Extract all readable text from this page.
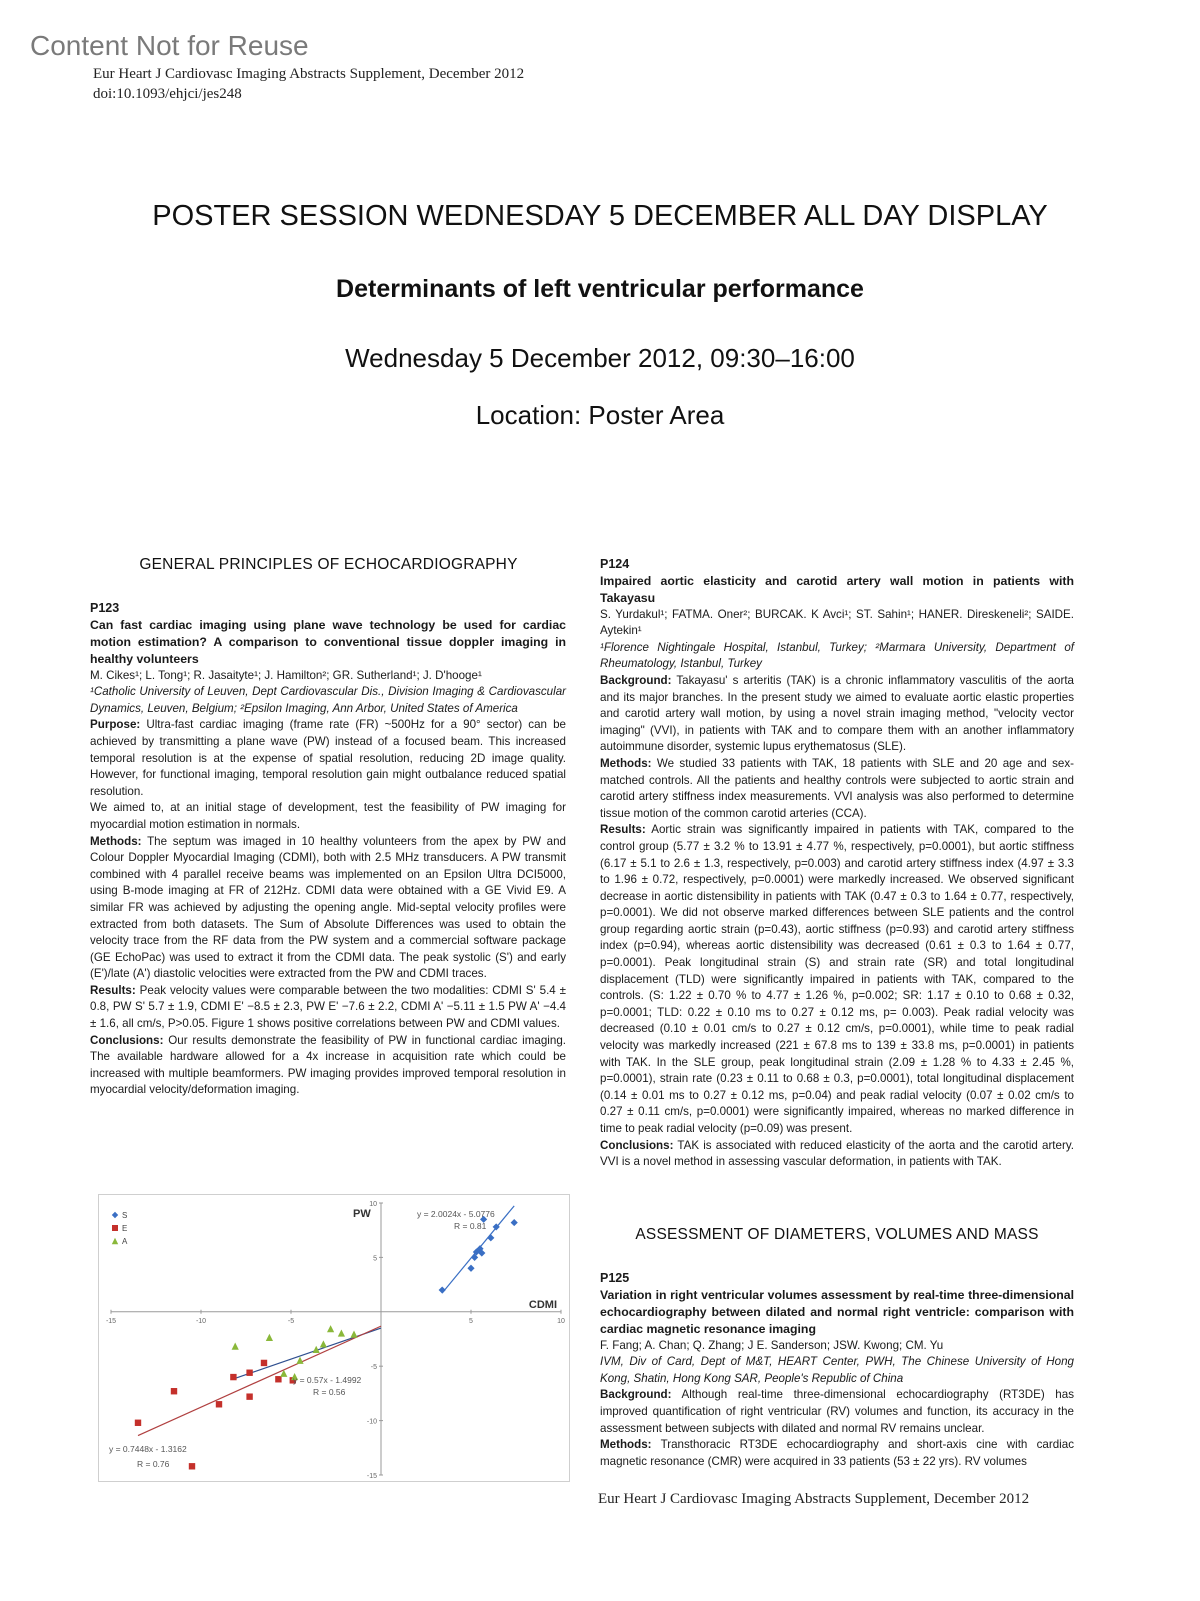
Content Not for Reuse
Eur Heart J Cardiovasc Imaging Abstracts Supplement, December 2012
doi:10.1093/ehjci/jes248
POSTER SESSION WEDNESDAY 5 DECEMBER ALL DAY DISPLAY
Determinants of left ventricular performance
Wednesday 5 December 2012, 09:30–16:00
Location: Poster Area
GENERAL PRINCIPLES OF ECHOCARDIOGRAPHY

P123

Can fast cardiac imaging using plane wave technology be used for cardiac motion estimation? A comparison to conventional tissue doppler imaging in healthy volunteers

M. Cikes¹; L. Tong¹; R. Jasaityte¹; J. Hamilton²; GR. Sutherland¹; J. D'hooge¹

¹Catholic University of Leuven, Dept Cardiovascular Dis., Division Imaging & Cardiovascular Dynamics, Leuven, Belgium; ²Epsilon Imaging, Ann Arbor, United States of America

Purpose: Ultra-fast cardiac imaging (frame rate (FR) ~500Hz for a 90° sector) can be achieved by transmitting a plane wave (PW) instead of a focused beam. This increased temporal resolution is at the expense of spatial resolution, reducing 2D image quality. However, for functional imaging, temporal resolution gain might outbalance reduced spatial resolution.

We aimed to, at an initial stage of development, test the feasibility of PW imaging for myocardial motion estimation in normals.

Methods: The septum was imaged in 10 healthy volunteers from the apex by PW and Colour Doppler Myocardial Imaging (CDMI), both with 2.5 MHz transducers. A PW transmit combined with 4 parallel receive beams was implemented on an Epsilon Ultra DCI5000, using B-mode imaging at FR of 212Hz. CDMI data were obtained with a GE Vivid E9. A similar FR was achieved by adjusting the opening angle. Mid-septal velocity profiles were extracted from both datasets. The Sum of Absolute Differences was used to obtain the velocity trace from the RF data from the PW system and a commercial software package (GE EchoPac) was used to extract it from the CDMI data. The peak systolic (S') and early (E')/late (A') diastolic velocities were extracted from the PW and CDMI traces.

Results: Peak velocity values were comparable between the two modalities: CDMI S' 5.4 ± 0.8, PW S' 5.7 ± 1.9, CDMI E' −8.5 ± 2.3, PW E' −7.6 ± 2.2, CDMI A' −5.11 ± 1.5 PW A' −4.4 ± 1.6, all cm/s, P>0.05. Figure 1 shows positive correlations between PW and CDMI values.

Conclusions: Our results demonstrate the feasibility of PW in functional cardiac imaging. The available hardware allowed for a 4x increase in acquisition rate which could be increased with multiple beamformers. PW imaging provides improved temporal resolution in myocardial velocity/deformation imaging.

-15	-10	-5	5	10
10
5
-5
-10
-15
PW
CDMI
S
E
A
y = 2.0024x - 5.0776
R = 0.81
y = 0.57x - 1.4992
R = 0.56
y = 0.7448x - 1.3162
R = 0.76

P124

Impaired aortic elasticity and carotid artery wall motion in patients with Takayasu

S. Yurdakul¹; FATMA. Oner²; BURCAK. K Avci¹; ST. Sahin¹; HANER. Direskeneli²; SAIDE. Aytekin¹

¹Florence Nightingale Hospital, Istanbul, Turkey; ²Marmara University, Department of Rheumatology, Istanbul, Turkey

Background: Takayasu' s arteritis (TAK) is a chronic inflammatory vasculitis of the aorta and its major branches. In the present study we aimed to evaluate aortic elastic properties and carotid artery wall motion, by using a novel strain imaging method, "velocity vector imaging" (VVI), in patients with TAK and to compare them with an another inflammatory autoimmune disorder, systemic lupus erythematosus (SLE).

Methods: We studied 33 patients with TAK, 18 patients with SLE and 20 age and sex-matched controls. All the patients and healthy controls were subjected to aortic strain and carotid artery stiffness index measurements. VVI analysis was also performed to determine tissue motion of the common carotid arteries (CCA).

Results: Aortic strain was significantly impaired in patients with TAK, compared to the control group (5.77 ± 3.2 % to 13.91 ± 4.77 %, respectively, p=0.0001), but aortic stiffness (6.17 ± 5.1 to 2.6 ± 1.3, respectively, p=0.003) and carotid artery stiffness index (4.97 ± 3.3 to 1.96 ± 0.72, respectively, p=0.0001) were markedly increased. We observed significant decrease in aortic distensibility in patients with TAK (0.47 ± 0.3 to 1.64 ± 0.77, respectively, p=0.0001). We did not observe marked differences between SLE patients and the control group regarding aortic strain (p=0.43), aortic stiffness (p=0.93) and carotid artery stiffness index (p=0.94), whereas aortic distensibility was decreased (0.61 ± 0.3 to 1.64 ± 0.77, p=0.0001). Peak longitudinal strain (S) and strain rate (SR) and total longitudinal displacement (TLD) were significantly impaired in patients with TAK, compared to the controls. (S: 1.22 ± 0.70 % to 4.77 ± 1.26 %, p=0.002; SR: 1.17 ± 0.10 to 0.68 ± 0.32, p=0.0001; TLD: 0.22 ± 0.10 ms to 0.27 ± 0.12 ms, p= 0.003). Peak radial velocity was decreased (0.10 ± 0.01 cm/s to 0.27 ± 0.12 cm/s, p=0.0001), while time to peak radial velocity was markedly increased (221 ± 67.8 ms to 139 ± 33.8 ms, p=0.0001) in patients with TAK. In the SLE group, peak longitudinal strain (2.09 ± 1.28 % to 4.33 ± 2.45 %, p=0.0001), strain rate (0.23 ± 0.11 to 0.68 ± 0.3, p=0.0001), total longitudinal displacement (0.14 ± 0.01 ms to 0.27 ± 0.12 ms, p=0.04) and peak radial velocity (0.07 ± 0.02 cm/s to 0.27 ± 0.11 cm/s, p=0.0001) were significantly impaired, whereas no marked difference in time to peak radial velocity (p=0.09) was present.

Conclusions: TAK is associated with reduced elasticity of the aorta and the carotid artery. VVI is a novel method in assessing vascular deformation, in patients with TAK.

ASSESSMENT OF DIAMETERS, VOLUMES AND MASS

P125

Variation in right ventricular volumes assessment by real-time three-dimensional echocardiography between dilated and normal right ventricle: comparison with cardiac magnetic resonance imaging

F. Fang; A. Chan; Q. Zhang; J E. Sanderson; JSW. Kwong; CM. Yu

IVM, Div of Card, Dept of M&T, HEART Center, PWH, The Chinese University of Hong Kong, Shatin, Hong Kong SAR, People's Republic of China

Background: Although real-time three-dimensional echocardiography (RT3DE) has improved quantification of right ventricular (RV) volumes and function, its accuracy in the assessment between subjects with dilated and normal RV remains unclear.

Methods: Transthoracic RT3DE echocardiography and short-axis cine with cardiac magnetic resonance (CMR) were acquired in 33 patients (53 ± 22 yrs). RV volumes

Eur Heart J Cardiovasc Imaging Abstracts Supplement, December 2012
